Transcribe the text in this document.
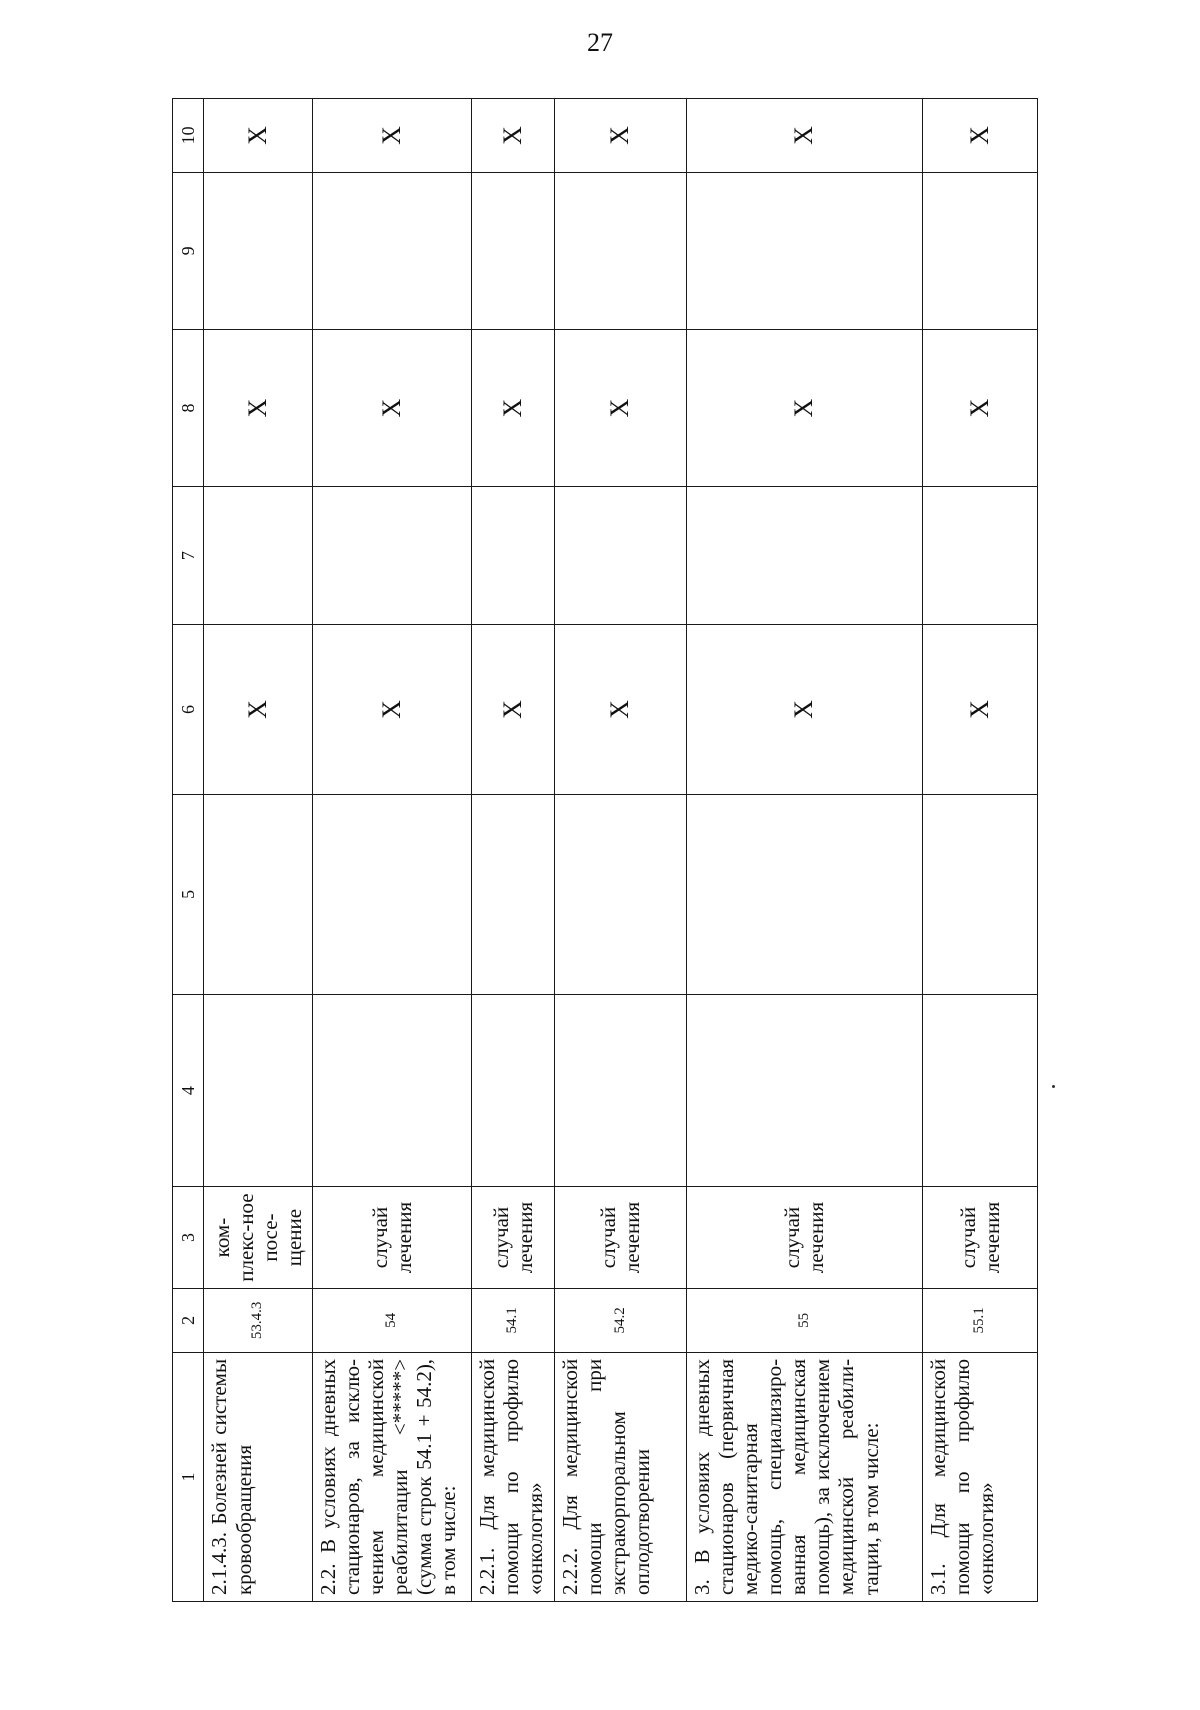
27
1	2	3	4	5	6	7	8	9	10
2.1.4.3. Болезней системы кровообращения	53.4.3	ком-плекс-ное посе-щение			X		X		X
2.2. В условиях дневных стационаров, за исклю-чением медицинской реабилитации <*****> (сумма строк 54.1 + 54.2), в том числе:	54	случай лечения			X		X		X
2.2.1. Для медицинской помощи по профилю «онкология»	54.1	случай лечения			X		X		X
2.2.2. Для медицинской помощи при экстракорпоральном оплодотворении	54.2	случай лечения			X		X		X
3. В условиях дневных стационаров (первичная медико-санитарная помощь, специализиро-ванная медицинская помощь), за исключением медицинской реабили-тации, в том числе:	55	случай лечения			X		X		X
3.1. Для медицинской помощи по профилю «онкология»	55.1	случай лечения			X		X		X
